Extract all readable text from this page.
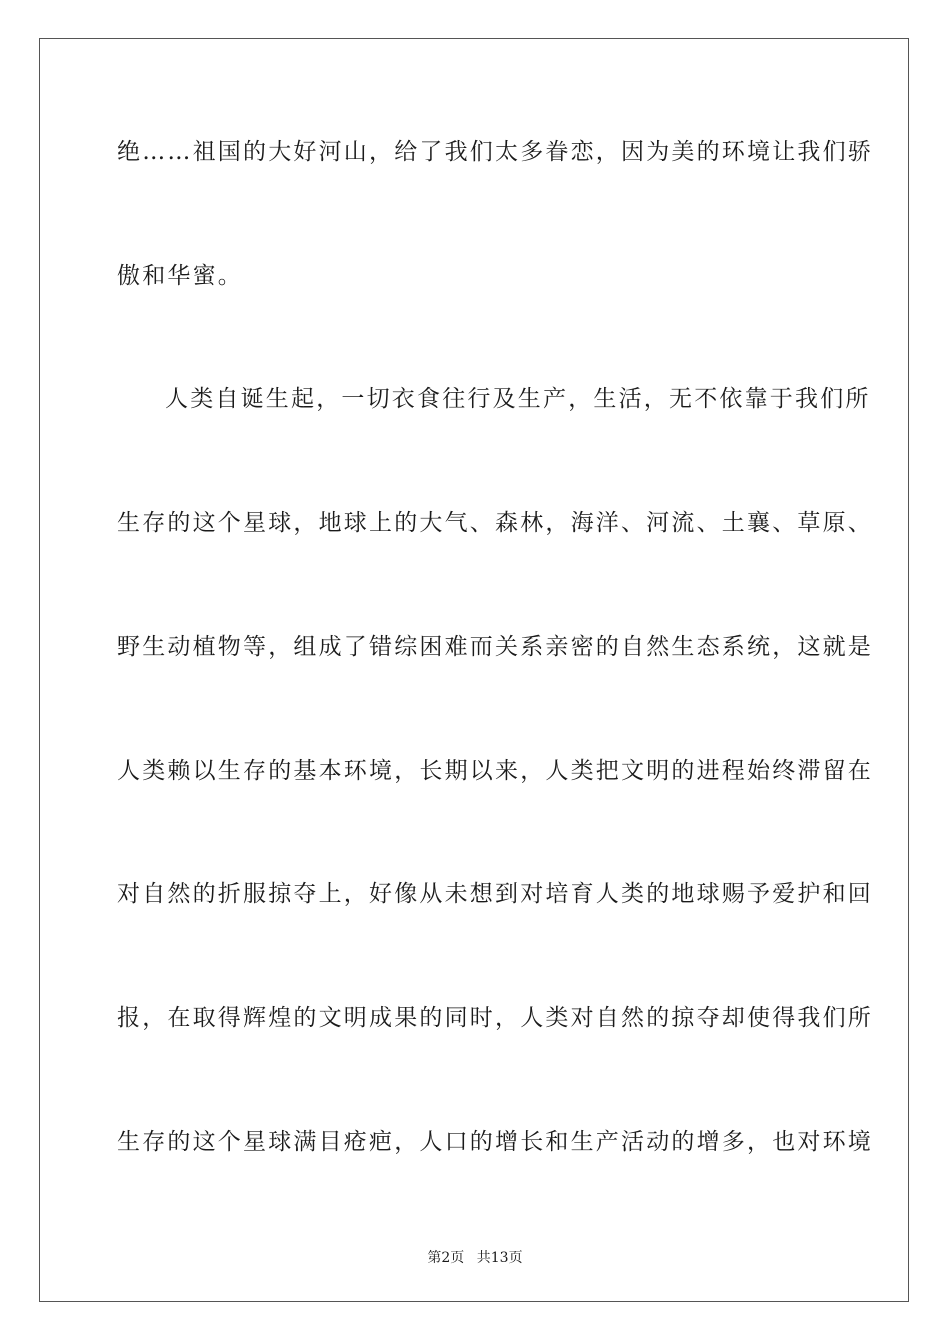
绝……祖国的大好河山，给了我们太多眷恋，因为美的环境让我们骄
傲和华蜜。
人类自诞生起，一切衣食往行及生产，生活，无不依靠于我们所
生存的这个星球，地球上的大气、森林，海洋、河流、土襄、草原、
野生动植物等，组成了错综困难而关系亲密的自然生态系统，这就是
人类赖以生存的基本环境，长期以来，人类把文明的进程始终滞留在
对自然的折服掠夺上，好像从未想到对培育人类的地球赐予爱护和回
报，在取得辉煌的文明成果的同时，人类对自然的掠夺却使得我们所
生存的这个星球满目疮疤，人口的增长和生产活动的增多，也对环境
第2页 共13页
